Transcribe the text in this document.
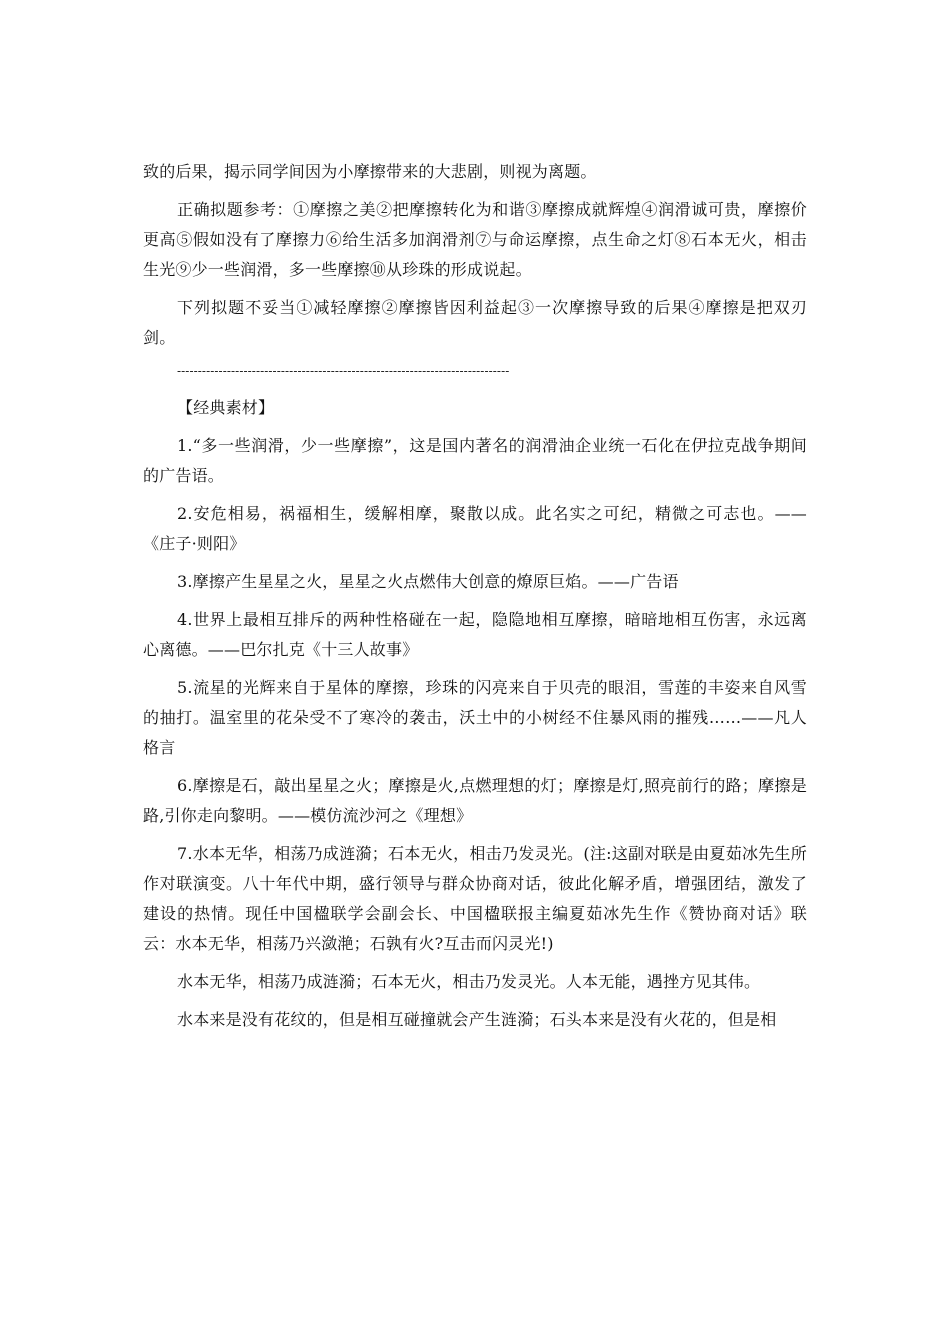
致的后果，揭示同学间因为小摩擦带来的大悲剧，则视为离题。

正确拟题参考：①摩擦之美②把摩擦转化为和谐③摩擦成就辉煌④润滑诚可贵，摩擦价更高⑤假如没有了摩擦力⑥给生活多加润滑剂⑦与命运摩擦，点生命之灯⑧石本无火，相击生光⑨少一些润滑，多一些摩擦⑩从珍珠的形成说起。

下列拟题不妥当①减轻摩擦②摩擦皆因利益起③一次摩擦导致的后果④摩擦是把双刃剑。

--------------------------------------------------------------------------------

【经典素材】

1.“多一些润滑，少一些摩擦”，这是国内著名的润滑油企业统一石化在伊拉克战争期间的广告语。

2.安危相易，祸福相生，缓解相摩，聚散以成。此名实之可纪，精微之可志也。——《庄子·则阳》

3.摩擦产生星星之火，星星之火点燃伟大创意的燎原巨焰。——广告语

4.世界上最相互排斥的两种性格碰在一起，隐隐地相互摩擦，暗暗地相互伤害，永远离心离德。——巴尔扎克《十三人故事》

5.流星的光辉来自于星体的摩擦，珍珠的闪亮来自于贝壳的眼泪，雪莲的丰姿来自风雪的抽打。温室里的花朵受不了寒冷的袭击，沃土中的小树经不住暴风雨的摧残……——凡人格言

6.摩擦是石，敲出星星之火；摩擦是火,点燃理想的灯；摩擦是灯,照亮前行的路；摩擦是路,引你走向黎明。——模仿流沙河之《理想》

7.水本无华，相荡乃成涟漪；石本无火，相击乃发灵光。(注:这副对联是由夏茹冰先生所作对联演变。八十年代中期，盛行领导与群众协商对话，彼此化解矛盾，增强团结，激发了建设的热情。现任中国楹联学会副会长、中国楹联报主编夏茹冰先生作《赞协商对话》联云：水本无华，相荡乃兴潋滟；石孰有火?互击而闪灵光!)

水本无华，相荡乃成涟漪；石本无火，相击乃发灵光。人本无能，遇挫方见其伟。

水本来是没有花纹的，但是相互碰撞就会产生涟漪；石头本来是没有火花的，但是相
